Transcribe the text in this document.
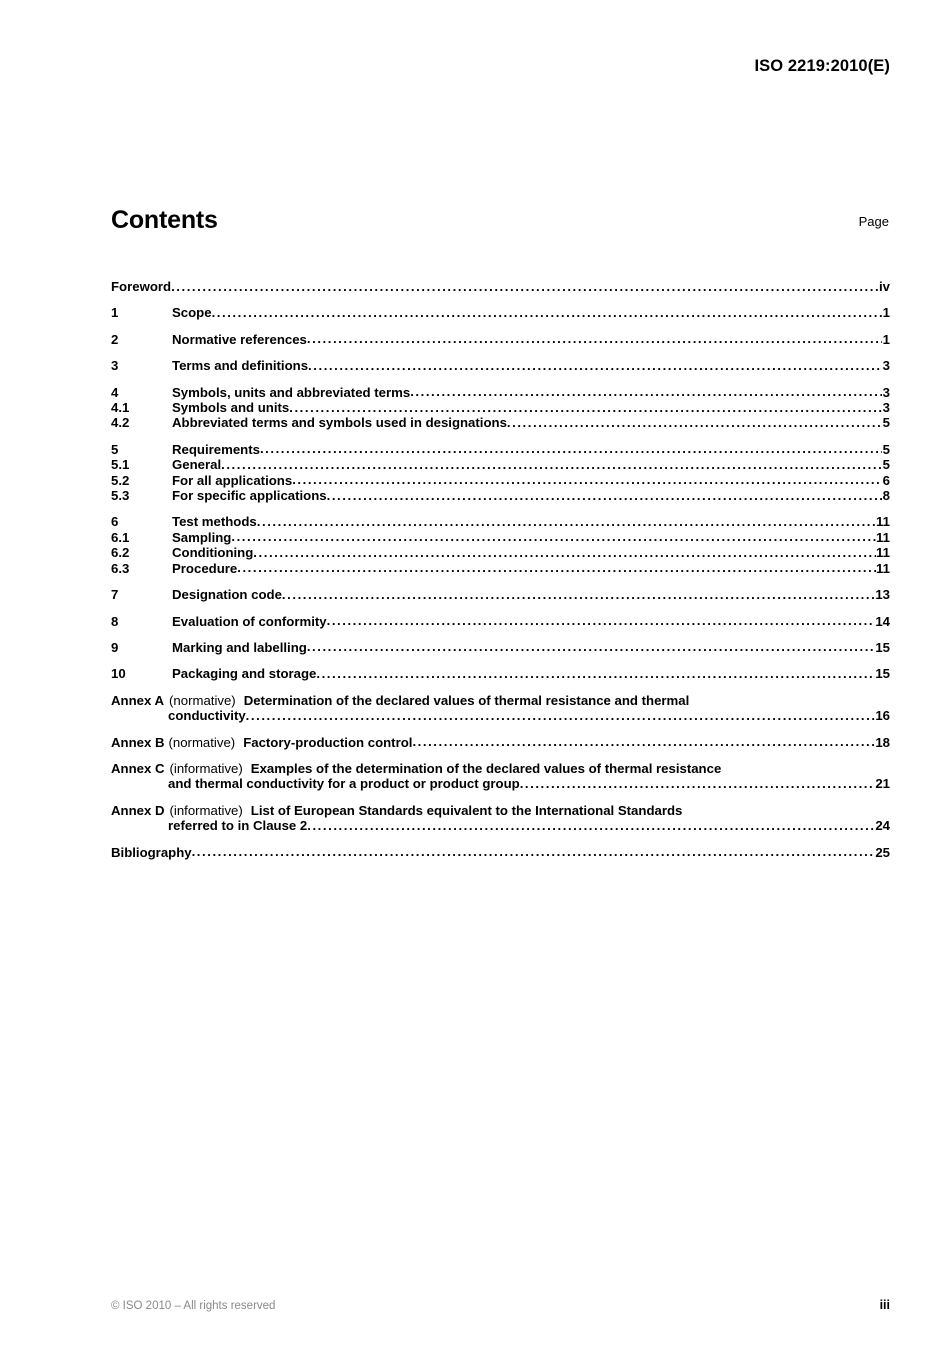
ISO 2219:2010(E)
Contents	Page
Foreword .....	iv
1	Scope .....	1
2	Normative references .....	1
3	Terms and definitions .....	3
4	Symbols, units and abbreviated terms .....	3
4.1	Symbols and units .....	3
4.2	Abbreviated terms and symbols used in designations .....	5
5	Requirements .....	5
5.1	General .....	5
5.2	For all applications .....	6
5.3	For specific applications .....	8
6	Test methods .....	11
6.1	Sampling .....	11
6.2	Conditioning .....	11
6.3	Procedure .....	11
7	Designation code .....	13
8	Evaluation of conformity .....	14
9	Marking and labelling .....	15
10	Packaging and storage .....	15
Annex A (normative) Determination of the declared values of thermal resistance and thermal
conductivity .....	16
Annex B (normative) Factory-production control .....	18
Annex C (informative) Examples of the determination of the declared values of thermal resistance
and thermal conductivity for a product or product group .....	21
Annex D (informative) List of European Standards equivalent to the International Standards
referred to in Clause 2 .....	24
Bibliography .....	25
© ISO 2010 – All rights reserved	iii
